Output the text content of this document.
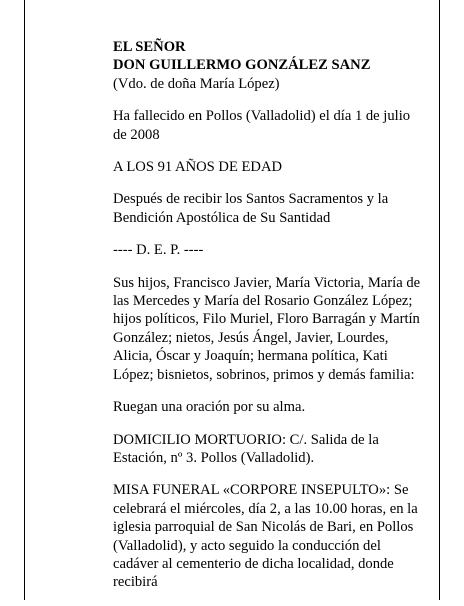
EL SEÑOR
DON GUILLERMO GONZÁLEZ SANZ
(Vdo. de doña María López)

Ha fallecido en Pollos (Valladolid) el día 1 de julio de 2008

A LOS 91 AÑOS DE EDAD

Después de recibir los Santos Sacramentos y la Bendición Apostólica de Su Santidad

---- D. E. P. ----

Sus hijos, Francisco Javier, María Victoria, María de las Mercedes y María del Rosario González López; hijos políticos, Filo Muriel, Floro Barragán y Martín González; nietos, Jesús Ángel, Javier, Lourdes, Alicia, Óscar y Joaquín; hermana política, Kati López; bisnietos, sobrinos, primos y demás familia:

Ruegan una oración por su alma.

DOMICILIO MORTUORIO: C/. Salida de la Estación, nº 3. Pollos (Valladolid).

MISA FUNERAL «CORPORE INSEPULTO»: Se celebrará el miércoles, día 2, a las 10.00 horas, en la iglesia parroquial de San Nicolás de Bari, en Pollos (Valladolid), y acto seguido la conducción del cadáver al cementerio de dicha localidad, donde recibirá
